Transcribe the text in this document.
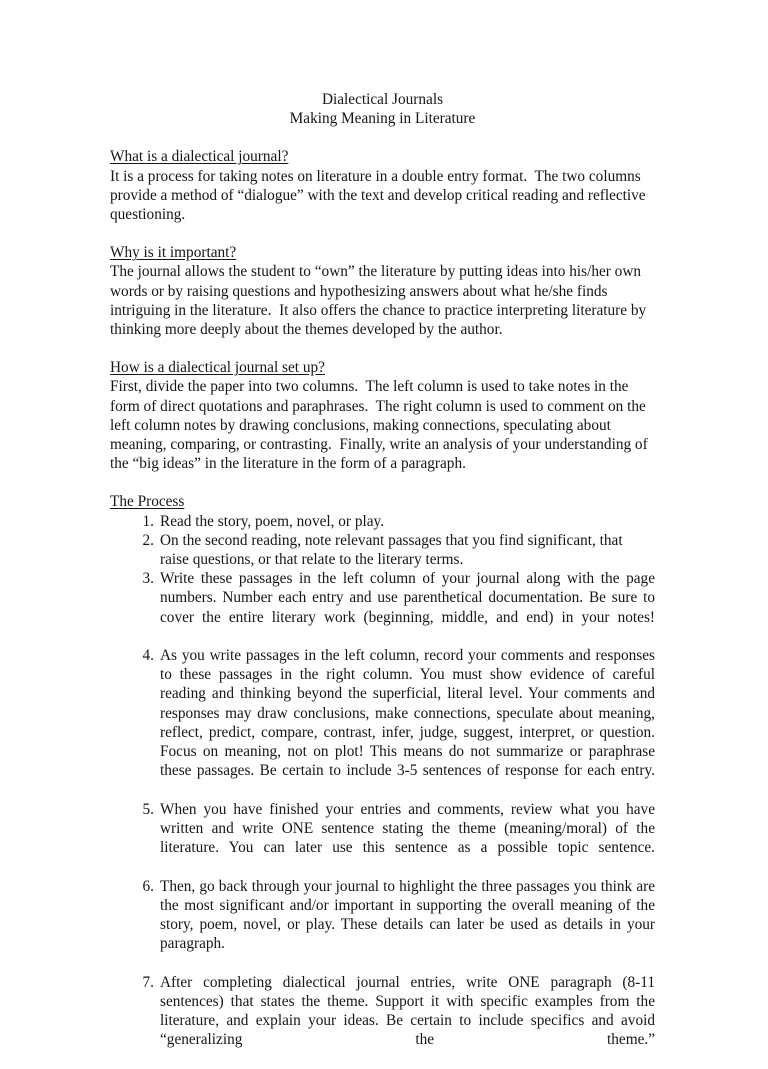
Dialectical Journals
Making Meaning in Literature
What is a dialectical journal?

It is a process for taking notes on literature in a double entry format.  The two columns provide a method of “dialogue” with the text and develop critical reading and reflective questioning.

Why is it important?

The journal allows the student to “own” the literature by putting ideas into his/her own words or by raising questions and hypothesizing answers about what he/she finds intriguing in the literature.  It also offers the chance to practice interpreting literature by thinking more deeply about the themes developed by the author.

How is a dialectical journal set up?

First, divide the paper into two columns.  The left column is used to take notes in the form of direct quotations and paraphrases.  The right column is used to comment on the left column notes by drawing conclusions, making connections, speculating about meaning, comparing, or contrasting.  Finally, write an analysis of your understanding of the “big ideas” in the literature in the form of a paragraph.

The Process
Read the story, poem, novel, or play.
On the second reading, note relevant passages that you find significant, that raise questions, or that relate to the literary terms.
Write these passages in the left column of your journal along with the page numbers. Number each entry and use parenthetical documentation. Be sure to cover the entire literary work (beginning, middle, and end) in your notes!
As you write passages in the left column, record your comments and responses to these passages in the right column. You must show evidence of careful reading and thinking beyond the superficial, literal level. Your comments and responses may draw conclusions, make connections, speculate about meaning, reflect, predict, compare, contrast, infer, judge, suggest, interpret, or question. Focus on meaning, not on plot! This means do not summarize or paraphrase these passages. Be certain to include 3-5 sentences of response for each entry.
When you have finished your entries and comments, review what you have written and write ONE sentence stating the theme (meaning/moral) of the literature. You can later use this sentence as a possible topic sentence.
Then, go back through your journal to highlight the three passages you think are the most significant and/or important in supporting the overall meaning of the story, poem, novel, or play. These details can later be used as details in your paragraph.
After completing dialectical journal entries, write ONE paragraph (8-11 sentences) that states the theme. Support it with specific examples from the literature, and explain your ideas. Be certain to include specifics and avoid “generalizing the theme.”
